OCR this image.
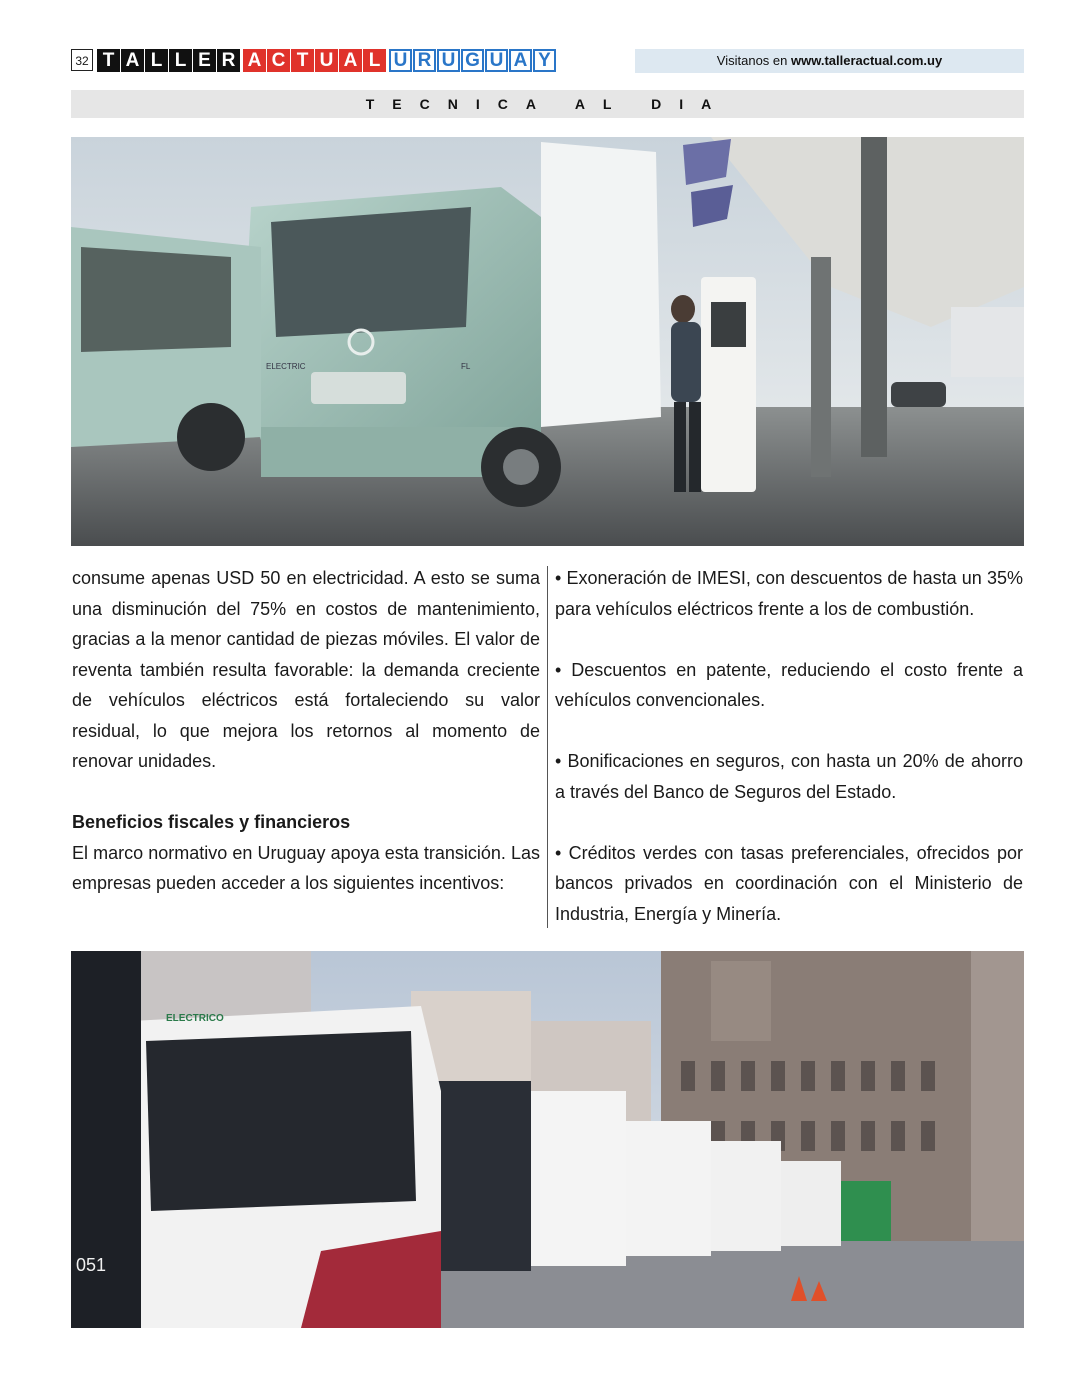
32 T A L L E R A C T U A L U R U G U A Y	Visitanos en www.talleractual.com.uy
TECNICA AL DIA
ELECTRIC	FL

consume apenas USD 50 en electricidad. A esto se suma una disminución del 75% en costos de mantenimiento, gracias a la menor cantidad de piezas móviles. El valor de reventa también resulta favorable: la demanda creciente de vehículos eléctricos está fortaleciendo su valor residual, lo que mejora los retornos al momento de renovar unidades.

Beneficios fiscales y financieros

El marco normativo en Uruguay apoya esta transición. Las empresas pueden acceder a los siguientes incentivos:

• Exoneración de IMESI, con descuentos de hasta un 35% para vehículos eléctricos frente a los de combustión.

• Descuentos en patente, reduciendo el costo frente a vehículos convencionales.

• Bonificaciones en seguros, con hasta un 20% de ahorro a través del Banco de Seguros del Estado.

• Créditos verdes con tasas preferenciales, ofrecidos por bancos privados en coordinación con el Ministerio de Industria, Energía y Minería.

051
ELECTRICO
